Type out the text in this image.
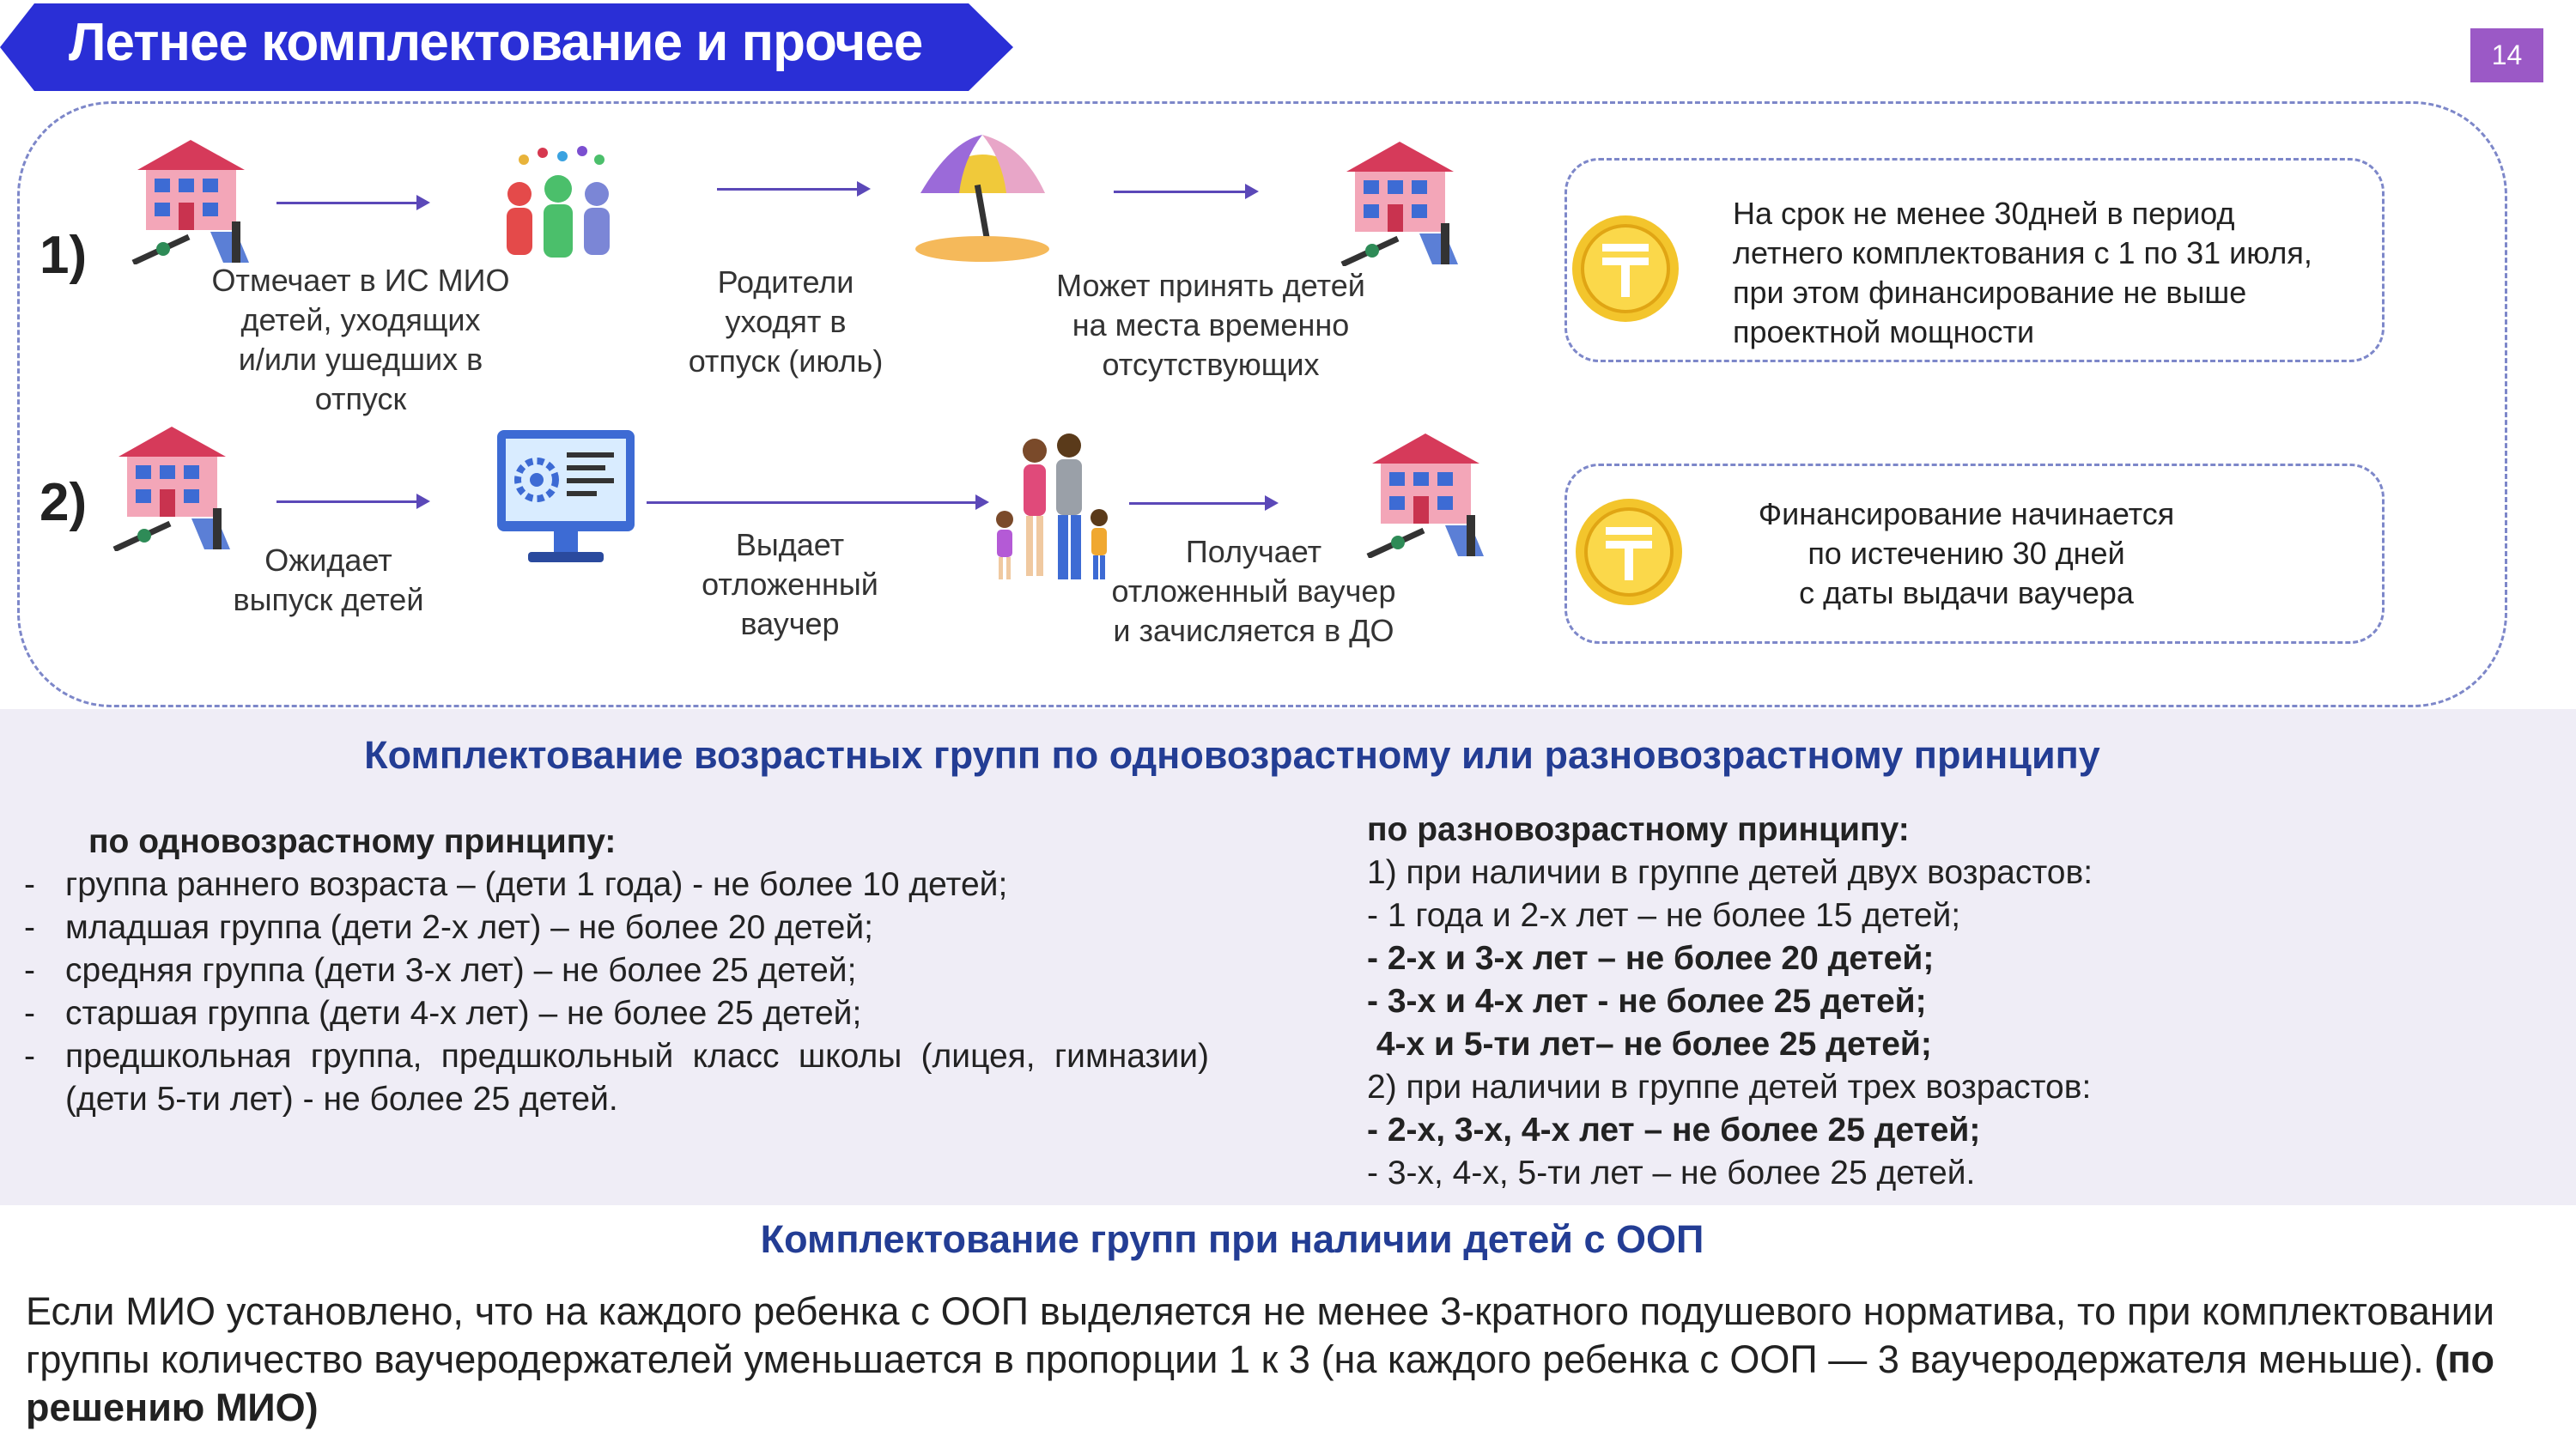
Летнее комплектование и прочее	14
1)	Отмечает в ИС МИО
детей, уходящих
и/или ушедших в
отпуск
Родители
уходят в
отпуск (июль)
Может принять детей
на места временно
отсутствующих
На срок не менее 30дней в период
летнего комплектования с 1 по 31 июля,
при этом финансирование не выше
проектной мощности
2)
Ожидает
выпуск детей
Выдает
отложенный
ваучер
Получает
отложенный ваучер
и зачисляется в ДО
Финансирование начинается
по истечению 30 дней
с даты выдачи ваучера
Комплектование возрастных групп по одновозрастному или разновозрастному принципу
по одновозрастному принципу:
- группа раннего возраста – (дети 1 года) - не более 10 детей;
- младшая группа (дети 2-х лет) – не более 20 детей;
- средняя группа (дети 3-х лет) – не более 25 детей;
- старшая группа (дети 4-х лет) – не более 25 детей;
- предшкольная группа, предшкольный класс школы (лицея, гимназии) (дети 5-ти лет) - не более 25 детей.
по разновозрастному принципу:
1) при наличии в группе детей двух возрастов:
- 1 года и 2-х лет – не более 15 детей;
- 2-х и 3-х лет – не более 20 детей;
- 3-х и 4-х лет - не более 25 детей;
4-х и 5-ти лет– не более 25 детей;
2) при наличии в группе детей трех возрастов:
- 2-х, 3-х, 4-х лет – не более 25 детей;
- 3-х, 4-х, 5-ти лет – не более 25 детей.
Комплектование групп при наличии детей с ООП
Если МИО установлено, что на каждого ребенка с ООП выделяется не менее 3-кратного подушевого норматива, то при комплектовании группы количество ваучеродержателей уменьшается в пропорции 1 к 3 (на каждого ребенка с ООП — 3 ваучеродержателя меньше). (по решению МИО)
